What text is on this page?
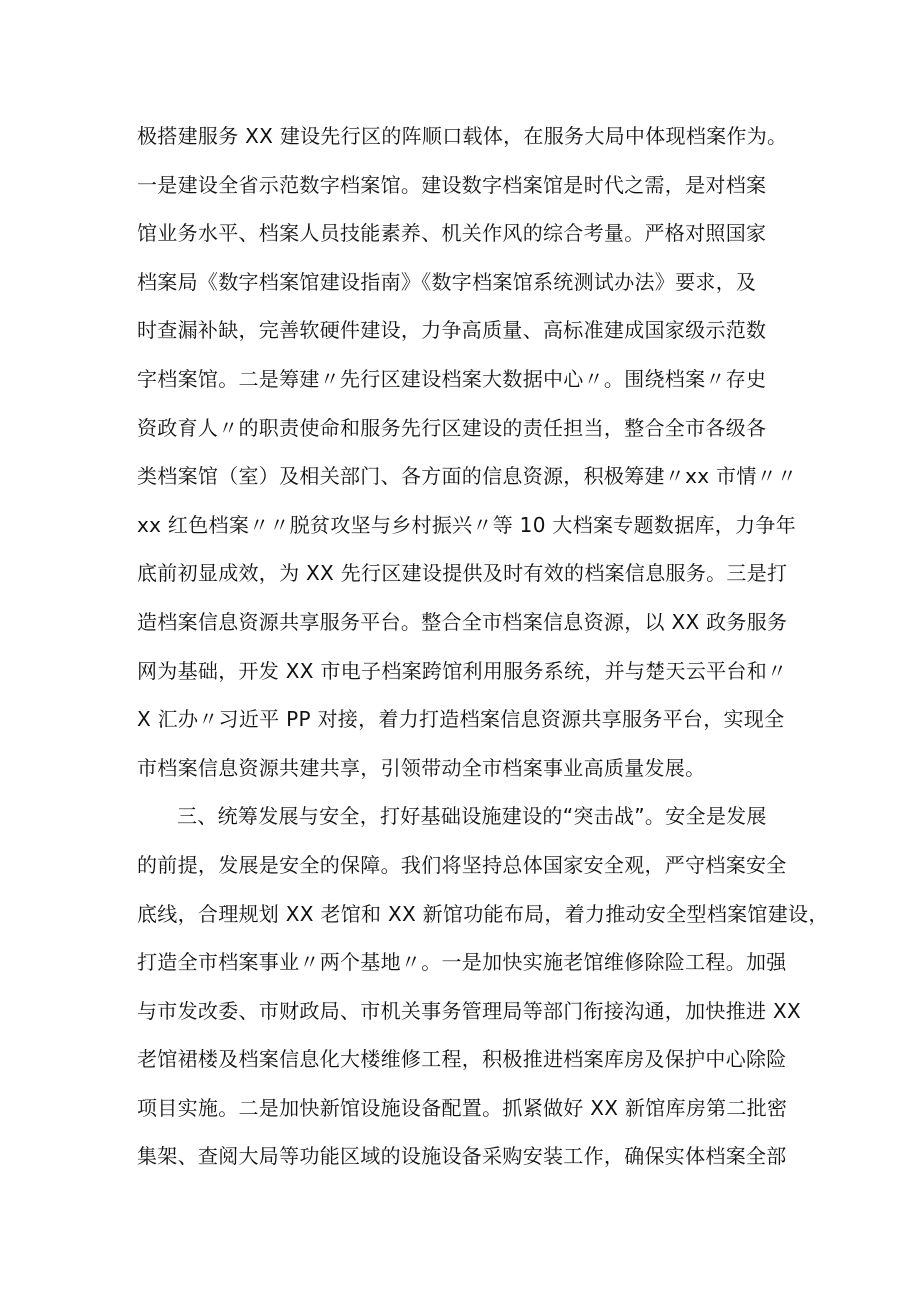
极搭建服务 XX 建设先行区的阵顺口载体，在服务大局中体现档案作为。
一是建设全省示范数字档案馆。建设数字档案馆是时代之需，是对档案
馆业务水平、档案人员技能素养、机关作风的综合考量。严格对照国家
档案局《数字档案馆建设指南》《数字档案馆系统测试办法》要求，及
时查漏补缺，完善软硬件建设，力争高质量、高标准建成国家级示范数
字档案馆。二是筹建〃先行区建设档案大数据中心〃。围绕档案〃存史
资政育人〃的职责使命和服务先行区建设的责任担当，整合全市各级各
类档案馆（室）及相关部门、各方面的信息资源，积极筹建〃xx 市情〃〃
xx 红色档案〃〃脱贫攻坚与乡村振兴〃等 10 大档案专题数据库，力争年
底前初显成效，为 XX 先行区建设提供及时有效的档案信息服务。三是打
造档案信息资源共享服务平台。整合全市档案信息资源，以 XX 政务服务
网为基础，开发 XX 市电子档案跨馆利用服务系统，并与楚天云平台和〃
X 汇办〃习近平 PP 对接，着力打造档案信息资源共享服务平台，实现全
市档案信息资源共建共享，引领带动全市档案事业高质量发展。
三、统筹发展与安全，打好基础设施建设的“突击战”。安全是发展
的前提，发展是安全的保障。我们将坚持总体国家安全观，严守档案安全
底线，合理规划 XX 老馆和 XX 新馆功能布局，着力推动安全型档案馆建设，
打造全市档案事业〃两个基地〃。一是加快实施老馆维修除险工程。加强
与市发改委、市财政局、市机关事务管理局等部门衔接沟通，加快推进 XX
老馆裙楼及档案信息化大楼维修工程，积极推进档案库房及保护中心除险
项目实施。二是加快新馆设施设备配置。抓紧做好 XX 新馆库房第二批密
集架、查阅大局等功能区域的设施设备采购安装工作，确保实体档案全部
